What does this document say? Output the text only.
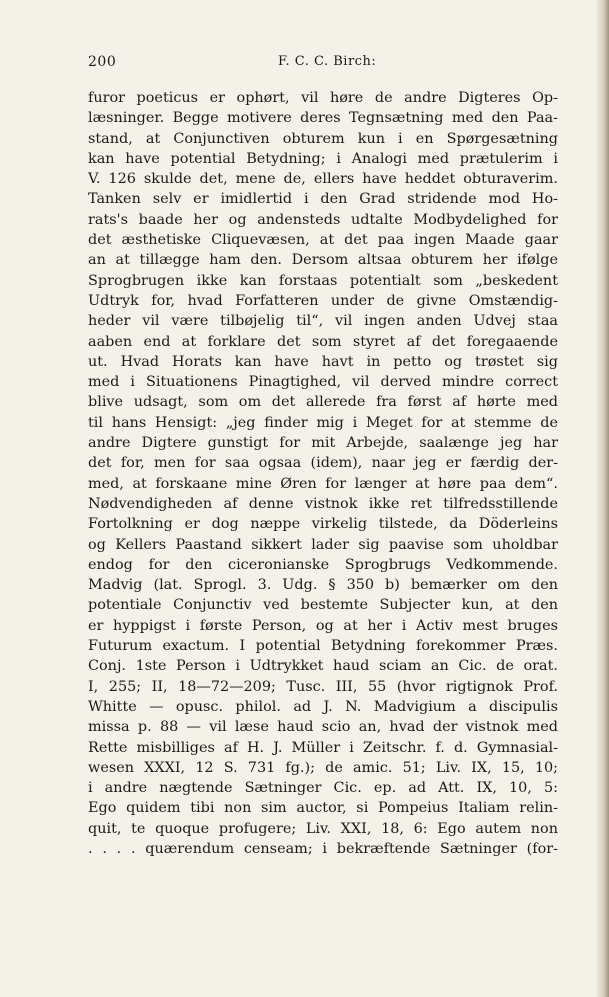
200	F. C. C. Birch:
furor poeticus er ophørt, vil høre de andre Digteres Op-
læsninger. Begge motivere deres Tegnsætning med den Paa-
stand, at Conjunctiven obturem kun i en Spørgesætning
kan have potential Betydning; i Analogi med prætulerim i
V. 126 skulde det, mene de, ellers have heddet obturaverim.
Tanken selv er imidlertid i den Grad stridende mod Ho-
rats's baade her og andensteds udtalte Modbydelighed for
det æsthetiske Cliquevæsen, at det paa ingen Maade gaar
an at tillægge ham den. Dersom altsaa obturem her ifølge
Sprogbrugen ikke kan forstaas potentialt som „beskedent
Udtryk for, hvad Forfatteren under de givne Omstændig-
heder vil være tilbøjelig til“, vil ingen anden Udvej staa
aaben end at forklare det som styret af det foregaaende
ut. Hvad Horats kan have havt in petto og trøstet sig
med i Situationens Pinagtighed, vil derved mindre correct
blive udsagt, som om det allerede fra først af hørte med
til hans Hensigt: „jeg finder mig i Meget for at stemme de
andre Digtere gunstigt for mit Arbejde, saalænge jeg har
det for, men for saa ogsaa (idem), naar jeg er færdig der-
med, at forskaane mine Øren for længer at høre paa dem“.
Nødvendigheden af denne vistnok ikke ret tilfredsstillende
Fortolkning er dog næppe virkelig tilstede, da Döderleins
og Kellers Paastand sikkert lader sig paavise som uholdbar
endog for den ciceronianske Sprogbrugs Vedkommende.
Madvig (lat. Sprogl. 3. Udg. § 350 b) bemærker om den
potentiale Conjunctiv ved bestemte Subjecter kun, at den
er hyppigst i første Person, og at her i Activ mest bruges
Futurum exactum. I potential Betydning forekommer Præs.
Conj. 1ste Person i Udtrykket haud sciam an Cic. de orat.
I, 255; II, 18—72—209; Tusc. III, 55 (hvor rigtignok Prof.
Whitte — opusc. philol. ad J. N. Madvigium a discipulis
missa p. 88 — vil læse haud scio an, hvad der vistnok med
Rette misbilliges af H. J. Müller i Zeitschr. f. d. Gymnasial-
wesen XXXI, 12 S. 731 fg.); de amic. 51; Liv. IX, 15, 10;
i andre nægtende Sætninger Cic. ep. ad Att. IX, 10, 5:
Ego quidem tibi non sim auctor, si Pompeius Italiam relin-
quit, te quoque profugere; Liv. XXI, 18, 6: Ego autem non
. . . . quærendum censeam; i bekræftende Sætninger (for-
